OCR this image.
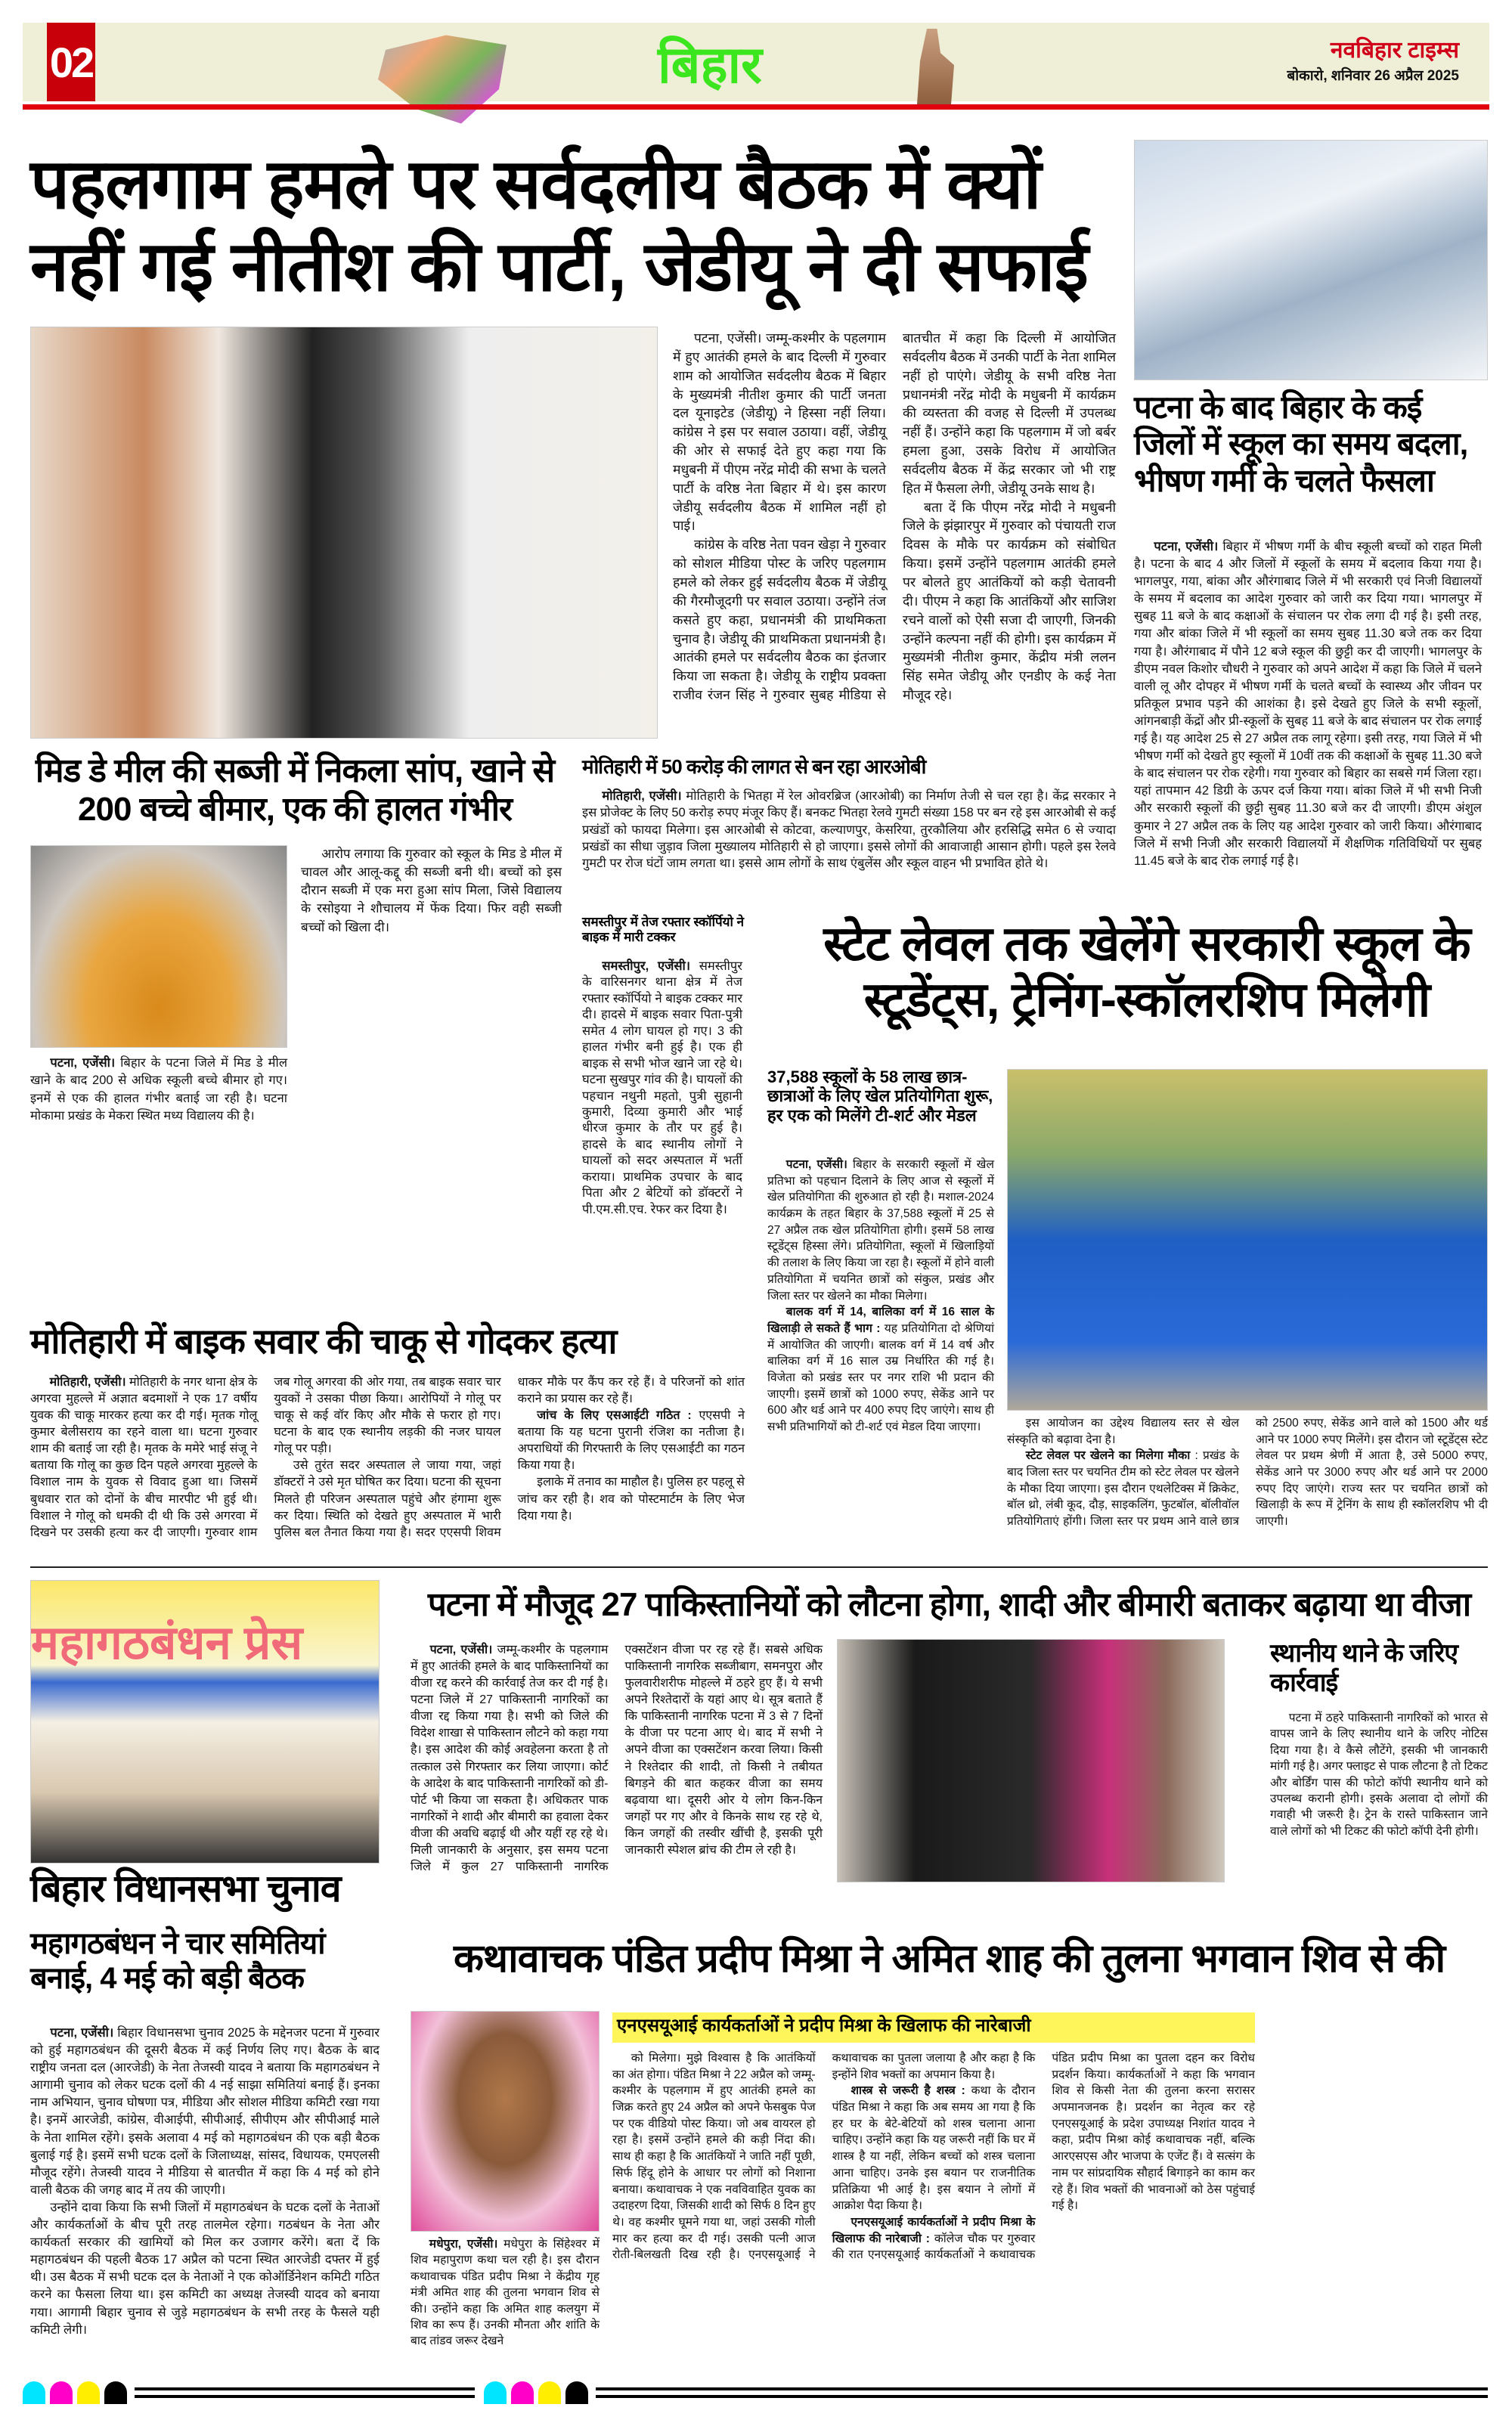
02	बिहार	नवबिहार टाइम्स
बोकारो, शनिवार 26 अप्रैल 2025
पहलगाम हमले पर सर्वदलीय बैठक में क्यों नहीं गई नीतीश की पार्टी, जेडीयू ने दी सफाई

पटना, एजेंसी। जम्मू-कश्मीर के पहलगाम में हुए आतंकी हमले के बाद दिल्ली में गुरुवार शाम को आयोजित सर्वदलीय बैठक में बिहार के मुख्यमंत्री नीतीश कुमार की पार्टी जनता दल यूनाइटेड (जेडीयू) ने हिस्सा नहीं लिया। कांग्रेस ने इस पर सवाल उठाया। वहीं, जेडीयू की ओर से सफाई देते हुए कहा गया कि मधुबनी में पीएम नरेंद्र मोदी की सभा के चलते पार्टी के वरिष्ठ नेता बिहार में थे। इस कारण जेडीयू सर्वदलीय बैठक में शामिल नहीं हो पाई।

कांग्रेस के वरिष्ठ नेता पवन खेड़ा ने गुरुवार को सोशल मीडिया पोस्ट के जरिए पहलगाम हमले को लेकर हुई सर्वदलीय बैठक में जेडीयू की गैरमौजूदगी पर सवाल उठाया। उन्होंने तंज कसते हुए कहा, प्रधानमंत्री की प्राथमिकता चुनाव है। जेडीयू की प्राथमिकता प्रधानमंत्री है। आतंकी हमले पर सर्वदलीय बैठक का इंतजार किया जा सकता है। जेडीयू के राष्ट्रीय प्रवक्ता राजीव रंजन सिंह ने गुरुवार सुबह मीडिया से बातचीत में कहा कि दिल्ली में आयोजित सर्वदलीय बैठक में उनकी पार्टी के नेता शामिल नहीं हो पाएंगे। जेडीयू के सभी वरिष्ठ नेता प्रधानमंत्री नरेंद्र मोदी के मधुबनी में कार्यक्रम की व्यस्तता की वजह से दिल्ली में उपलब्ध नहीं हैं। उन्होंने कहा कि पहलगाम में जो बर्बर हमला हुआ, उसके विरोध में आयोजित सर्वदलीय बैठक में केंद्र सरकार जो भी राष्ट्र हित में फैसला लेगी, जेडीयू उनके साथ है।

बता दें कि पीएम नरेंद्र मोदी ने मधुबनी जिले के झंझारपुर में गुरुवार को पंचायती राज दिवस के मौके पर कार्यक्रम को संबोधित किया। इसमें उन्होंने पहलगाम आतंकी हमले पर बोलते हुए आतंकियों को कड़ी चेतावनी दी। पीएम ने कहा कि आतंकियों और साजिश रचने वालों को ऐसी सजा दी जाएगी, जिनकी उन्होंने कल्पना नहीं की होगी। इस कार्यक्रम में मुख्यमंत्री नीतीश कुमार, केंद्रीय मंत्री ललन सिंह समेत जेडीयू और एनडीए के कई नेता मौजूद रहे।

पटना के बाद बिहार के कई जिलों में स्कूल का समय बदला, भीषण गर्मी के चलते फैसला

पटना, एजेंसी। बिहार में भीषण गर्मी के बीच स्कूली बच्चों को राहत मिली है। पटना के बाद 4 और जिलों में स्कूलों के समय में बदलाव किया गया है। भागलपुर, गया, बांका और औरंगाबाद जिले में भी सरकारी एवं निजी विद्यालयों के समय में बदलाव का आदेश गुरुवार को जारी कर दिया गया। भागलपुर में सुबह 11 बजे के बाद कक्षाओं के संचालन पर रोक लगा दी गई है। इसी तरह, गया और बांका जिले में भी स्कूलों का समय सुबह 11.30 बजे तक कर दिया गया है। औरंगाबाद में पौने 12 बजे स्कूल की छुट्टी कर दी जाएगी। भागलपुर के डीएम नवल किशोर चौधरी ने गुरुवार को अपने आदेश में कहा कि जिले में चलने वाली लू और दोपहर में भीषण गर्मी के चलते बच्चों के स्वास्थ्य और जीवन पर प्रतिकूल प्रभाव पड़ने की आशंका है। इसे देखते हुए जिले के सभी स्कूलों, आंगनबाड़ी केंद्रों और प्री-स्कूलों के सुबह 11 बजे के बाद संचालन पर रोक लगाई गई है। यह आदेश 25 से 27 अप्रैल तक लागू रहेगा। इसी तरह, गया जिले में भी भीषण गर्मी को देखते हुए स्कूलों में 10वीं तक की कक्षाओं के सुबह 11.30 बजे के बाद संचालन पर रोक रहेगी। गया गुरुवार को बिहार का सबसे गर्म जिला रहा। यहां तापमान 42 डिग्री के ऊपर दर्ज किया गया। बांका जिले में भी सभी निजी और सरकारी स्कूलों की छुट्टी सुबह 11.30 बजे कर दी जाएगी। डीएम अंशुल कुमार ने 27 अप्रैल तक के लिए यह आदेश गुरुवार को जारी किया। औरंगाबाद जिले में सभी निजी और सरकारी विद्यालयों में शैक्षणिक गतिविधियों पर सुबह 11.45 बजे के बाद रोक लगाई गई है।

मिड डे मील की सब्जी में निकला सांप, खाने से 200 बच्चे बीमार, एक की हालत गंभीर

आरोप लगाया कि गुरुवार को स्कूल के मिड डे मील में चावल और आलू-कद्दू की सब्जी बनी थी। बच्चों को इस दौरान सब्जी में एक मरा हुआ सांप मिला, जिसे विद्यालय के रसोइया ने शौचालय में फेंक दिया। फिर वही सब्जी बच्चों को खिला दी।

पटना, एजेंसी। बिहार के पटना जिले में मिड डे मील खाने के बाद 200 से अधिक स्कूली बच्चे बीमार हो गए। इनमें से एक की हालत गंभीर बताई जा रही है। घटना मोकामा प्रखंड के मेकरा स्थित मध्य विद्यालय की है।

मोतिहारी में 50 करोड़ की लागत से बन रहा आरओबी

मोतिहारी, एजेंसी। मोतिहारी के भितहा में रेल ओवरब्रिज (आरओबी) का निर्माण तेजी से चल रहा है। केंद्र सरकार ने इस प्रोजेक्ट के लिए 50 करोड़ रुपए मंजूर किए हैं। बनकट भितहा रेलवे गुमटी संख्या 158 पर बन रहे इस आरओबी से कई प्रखंडों को फायदा मिलेगा। इस आरओबी से कोटवा, कल्याणपुर, केसरिया, तुरकौलिया और हरसिद्धि समेत 6 से ज्यादा प्रखंडों का सीधा जुड़ाव जिला मुख्यालय मोतिहारी से हो जाएगा। इससे लोगों की आवाजाही आसान होगी। पहले इस रेलवे गुमटी पर रोज घंटों जाम लगता था। इससे आम लोगों के साथ एंबुलेंस और स्कूल वाहन भी प्रभावित होते थे।

समस्तीपुर में तेज रफ्तार स्कॉर्पियो ने बाइक में मारी टक्कर

समस्तीपुर, एजेंसी। समस्तीपुर के वारिसनगर थाना क्षेत्र में तेज रफ्तार स्कॉर्पियो ने बाइक टक्कर मार दी। हादसे में बाइक सवार पिता-पुत्री समेत 4 लोग घायल हो गए। 3 की हालत गंभीर बनी हुई है। एक ही बाइक से सभी भोज खाने जा रहे थे। घटना सुखपुर गांव की है। घायलों की पहचान नथुनी महतो, पुत्री सुहानी कुमारी, दिव्या कुमारी और भाई धीरज कुमार के तौर पर हुई है। हादसे के बाद स्थानीय लोगों ने घायलों को सदर अस्पताल में भर्ती कराया। प्राथमिक उपचार के बाद पिता और 2 बेटियों को डॉक्टरों ने पी.एम.सी.एच. रेफर कर दिया है।

स्टेट लेवल तक खेलेंगे सरकारी स्कूल के स्टूडेंट्स, ट्रेनिंग-स्कॉलरशिप मिलेगी
37,588 स्कूलों के 58 लाख छात्र-छात्राओं के लिए खेल प्रतियोगिता शुरू, हर एक को मिलेंगे टी-शर्ट और मेडल

पटना, एजेंसी। बिहार के सरकारी स्कूलों में खेल प्रतिभा को पहचान दिलाने के लिए आज से स्कूलों में खेल प्रतियोगिता की शुरुआत हो रही है। मशाल-2024 कार्यक्रम के तहत बिहार के 37,588 स्कूलों में 25 से 27 अप्रैल तक खेल प्रतियोगिता होगी। इसमें 58 लाख स्टूडेंट्स हिस्सा लेंगे। प्रतियोगिता, स्कूलों में खिलाड़ियों की तलाश के लिए किया जा रहा है। स्कूलों में होने वाली प्रतियोगिता में चयनित छात्रों को संकुल, प्रखंड और जिला स्तर पर खेलने का मौका मिलेगा।

बालक वर्ग में 14, बालिका वर्ग में 16 साल के खिलाड़ी ले सकते हैं भाग : यह प्रतियोगिता दो श्रेणियां में आयोजित की जाएगी। बालक वर्ग में 14 वर्ष और बालिका वर्ग में 16 साल उम्र निर्धारित की गई है। विजेता को प्रखंड स्तर पर नगर राशि भी प्रदान की जाएगी। इसमें छात्रों को 1000 रुपए, सेकेंड आने पर 600 और थर्ड आने पर 400 रुपए दिए जाएंगे। साथ ही सभी प्रतिभागियों को टी-शर्ट एवं मेडल दिया जाएगा।	इस आयोजन का उद्देश्य विद्यालय स्तर से खेल संस्कृति को बढ़ावा देना है।

स्टेट लेवल पर खेलने का मिलेगा मौका : प्रखंड के बाद जिला स्तर पर चयनित टीम को स्टेट लेवल पर खेलने के मौका दिया जाएगा। इस दौरान एथलेटिक्स में क्रिकेट, बॉल थ्रो, लंबी कूद, दौड़, साइकलिंग, फुटबॉल, बॉलीवॉल प्रतियोगिताएं होंगी। जिला स्तर पर प्रथम आने वाले छात्र को 2500 रुपए, सेकेंड आने वाले को 1500 और थर्ड आने पर 1000 रुपए मिलेंगे। इस दौरान जो स्टूडेंट्स स्टेट लेवल पर प्रथम श्रेणी में आता है, उसे 5000 रुपए, सेकेंड आने पर 3000 रुपए और थर्ड आने पर 2000 रुपए दिए जाएंगे। राज्य स्तर पर चयनित छात्रों को खिलाड़ी के रूप में ट्रेनिंग के साथ ही स्कॉलरशिप भी दी जाएगी।

मोतिहारी में बाइक सवार की चाकू से गोदकर हत्या

मोतिहारी, एजेंसी। मोतिहारी के नगर थाना क्षेत्र के अगरवा मुहल्ले में अज्ञात बदमाशों ने एक 17 वर्षीय युवक की चाकू मारकर हत्या कर दी गई। मृतक गोलू कुमार बेलीसराय का रहने वाला था। घटना गुरुवार शाम की बताई जा रही है। मृतक के ममेरे भाई संजू ने बताया कि गोलू का कुछ दिन पहले अगरवा मुहल्ले के विशाल नाम के युवक से विवाद हुआ था। जिसमें बुधवार रात को दोनों के बीच मारपीट भी हुई थी। विशाल ने गोलू को धमकी दी थी कि उसे अगरवा में दिखने पर उसकी हत्या कर दी जाएगी। गुरुवार शाम जब गोलू अगरवा की ओर गया, तब बाइक सवार चार युवकों ने उसका पीछा किया। आरोपियों ने गोलू पर चाकू से कई वॉर किए और मौके से फरार हो गए। घटना के बाद एक स्थानीय लड़की की नजर घायल गोलू पर पड़ी।

उसे तुरंत सदर अस्पताल ले जाया गया, जहां डॉक्टरों ने उसे मृत घोषित कर दिया। घटना की सूचना मिलते ही परिजन अस्पताल पहुंचे और हंगामा शुरू कर दिया। स्थिति को देखते हुए अस्पताल में भारी पुलिस बल तैनात किया गया है। सदर एएसपी शिवम धाकर मौके पर कैंप कर रहे हैं। वे परिजनों को शांत कराने का प्रयास कर रहे हैं।

जांच के लिए एसआईटी गठित : एएसपी ने बताया कि यह घटना पुरानी रंजिश का नतीजा है। अपराधियों की गिरफ्तारी के लिए एसआईटी का गठन किया गया है।

इलाके में तनाव का माहौल है। पुलिस हर पहलू से जांच कर रही है। शव को पोस्टमार्टम के लिए भेज दिया गया है।

महागठबंधन प्रेस
बिहार विधानसभा चुनाव
महागठबंधन ने चार समितियां बनाई, 4 मई को बड़ी बैठक

पटना, एजेंसी। बिहार विधानसभा चुनाव 2025 के मद्देनजर पटना में गुरुवार को हुई महागठबंधन की दूसरी बैठक में कई निर्णय लिए गए। बैठक के बाद राष्ट्रीय जनता दल (आरजेडी) के नेता तेजस्वी यादव ने बताया कि महागठबंधन ने आगामी चुनाव को लेकर घटक दलों की 4 नई साझा समितियां बनाई हैं। इनका नाम अभियान, चुनाव घोषणा पत्र, मीडिया और सोशल मीडिया कमिटी रखा गया है। इनमें आरजेडी, कांग्रेस, वीआईपी, सीपीआई, सीपीएम और सीपीआई माले के नेता शामिल रहेंगे। इसके अलावा 4 मई को महागठबंधन की एक बड़ी बैठक बुलाई गई है। इसमें सभी घटक दलों के जिलाध्यक्ष, सांसद, विधायक, एमएलसी मौजूद रहेंगे। तेजस्वी यादव ने मीडिया से बातचीत में कहा कि 4 मई को होने वाली बैठक की जगह बाद में तय की जाएगी।

उन्होंने दावा किया कि सभी जिलों में महागठबंधन के घटक दलों के नेताओं और कार्यकर्ताओं के बीच पूरी तरह तालमेल रहेगा। गठबंधन के नेता और कार्यकर्ता सरकार की खामियों को मिल कर उजागर करेंगे। बता दें कि महागठबंधन की पहली बैठक 17 अप्रैल को पटना स्थित आरजेडी दफ्तर में हुई थी। उस बैठक में सभी घटक दल के नेताओं ने एक कोऑर्डिनेशन कमिटी गठित करने का फैसला लिया था। इस कमिटी का अध्यक्ष तेजस्वी यादव को बनाया गया। आगामी बिहार चुनाव से जुड़े महागठबंधन के सभी तरह के फैसले यही कमिटी लेगी।

पटना में मौजूद 27 पाकिस्तानियों को लौटना होगा, शादी और बीमारी बताकर बढ़ाया था वीजा

पटना, एजेंसी। जम्मू-कश्मीर के पहलगाम में हुए आतंकी हमले के बाद पाकिस्तानियों का वीजा रद्द करने की कार्रवाई तेज कर दी गई है। पटना जिले में 27 पाकिस्तानी नागरिकों का वीजा रद्द किया गया है। सभी को जिले की विदेश शाखा से पाकिस्तान लौटने को कहा गया है। इस आदेश की कोई अवहेलना करता है तो तत्काल उसे गिरफ्तार कर लिया जाएगा। कोर्ट के आदेश के बाद पाकिस्तानी नागरिकों को डी-पोर्ट भी किया जा सकता है। अधिकतर पाक नागरिकों ने शादी और बीमारी का हवाला देकर वीजा की अवधि बढ़ाई थी और यहीं रह रहे थे। मिली जानकारी के अनुसार, इस समय पटना जिले में कुल 27 पाकिस्तानी नागरिक एक्सटेंशन वीजा पर रह रहे हैं। सबसे अधिक पाकिस्तानी नागरिक सब्जीबाग, समनपुरा और फुलवारीशरीफ मोहल्ले में ठहरे हुए हैं। ये सभी अपने रिश्तेदारों के यहां आए थे। सूत्र बताते हैं कि पाकिस्तानी नागरिक पटना में 3 से 7 दिनों के वीजा पर पटना आए थे। बाद में सभी ने अपने वीजा का एक्सटेंशन करवा लिया। किसी ने रिश्तेदार की शादी, तो किसी ने तबीयत बिगड़ने की बात कहकर वीजा का समय बढ़वाया था। दूसरी ओर ये लोग किन-किन जगहों पर गए और वे किनके साथ रह रहे थे, किन जगहों की तस्वीर खींची है, इसकी पूरी जानकारी स्पेशल ब्रांच की टीम ले रही है।

स्थानीय थाने के जरिए कार्रवाई

पटना में ठहरे पाकिस्तानी नागरिकों को भारत से वापस जाने के लिए स्थानीय थाने के जरिए नोटिस दिया गया है। वे कैसे लौटेंगे, इसकी भी जानकारी मांगी गई है। अगर फ्लाइट से पाक लौटना है तो टिकट और बोर्डिंग पास की फोटो कॉपी स्थानीय थाने को उपलब्ध करानी होगी। इसके अलावा दो लोगों की गवाही भी जरूरी है। ट्रेन के रास्ते पाकिस्तान जाने वाले लोगों को भी टिकट की फोटो कॉपी देनी होगी।

कथावाचक पंडित प्रदीप मिश्रा ने अमित शाह की तुलना भगवान शिव से की

मधेपुरा, एजेंसी। मधेपुरा के सिंहेश्वर में शिव महापुराण कथा चल रही है। इस दौरान कथावाचक पंडित प्रदीप मिश्रा ने केंद्रीय गृह मंत्री अमित शाह की तुलना भगवान शिव से की। उन्होंने कहा कि अमित शाह कलयुग में शिव का रूप हैं। उनकी मौनता और शांति के बाद तांडव जरूर देखने

एनएसयूआई कार्यकर्ताओं ने प्रदीप मिश्रा के खिलाफ की नारेबाजी

को मिलेगा। मुझे विश्वास है कि आतंकियों का अंत होगा। पंडित मिश्रा ने 22 अप्रैल को जम्मू-कश्मीर के पहलगाम में हुए आतंकी हमले का जिक्र करते हुए 24 अप्रैल को अपने फेसबुक पेज पर एक वीडियो पोस्ट किया। जो अब वायरल हो रहा है। इसमें उन्होंने हमले की कड़ी निंदा की। साथ ही कहा है कि आतंकियों ने जाति नहीं पूछी, सिर्फ हिंदू होने के आधार पर लोगों को निशाना बनाया। कथावाचक ने एक नवविवाहित युवक का उदाहरण दिया, जिसकी शादी को सिर्फ 8 दिन हुए थे। वह कश्मीर घूमने गया था, जहां उसकी गोली मार कर हत्या कर दी गई। उसकी पत्नी आज रोती-बिलखती दिख रही है। एनएसयूआई ने कथावाचक का पुतला जलाया है और कहा है कि इन्होंने शिव भक्तों का अपमान किया है।

शास्त्र से जरूरी है शस्त्र : कथा के दौरान पंडित मिश्रा ने कहा कि अब समय आ गया है कि हर घर के बेटे-बेटियों को शस्त्र चलाना आना चाहिए। उन्होंने कहा कि यह जरूरी नहीं कि घर में शास्त्र है या नहीं, लेकिन बच्चों को शस्त्र चलाना आना चाहिए। उनके इस बयान पर राजनीतिक प्रतिक्रिया भी आई है। इस बयान ने लोगों में आक्रोश पैदा किया है।

एनएसयूआई कार्यकर्ताओं ने प्रदीप मिश्रा के खिलाफ की नारेबाजी : कॉलेज चौक पर गुरुवार की रात एनएसयूआई कार्यकर्ताओं ने कथावाचक पंडित प्रदीप मिश्रा का पुतला दहन कर विरोध प्रदर्शन किया। कार्यकर्ताओं ने कहा कि भगवान शिव से किसी नेता की तुलना करना सरासर अपमानजनक है। प्रदर्शन का नेतृत्व कर रहे एनएसयूआई के प्रदेश उपाध्यक्ष निशांत यादव ने कहा, प्रदीप मिश्रा कोई कथावाचक नहीं, बल्कि आरएसएस और भाजपा के एजेंट हैं। वे सत्संग के नाम पर सांप्रदायिक सौहार्द बिगाड़ने का काम कर रहे हैं। शिव भक्तों की भावनाओं को ठेस पहुंचाई गई है।
